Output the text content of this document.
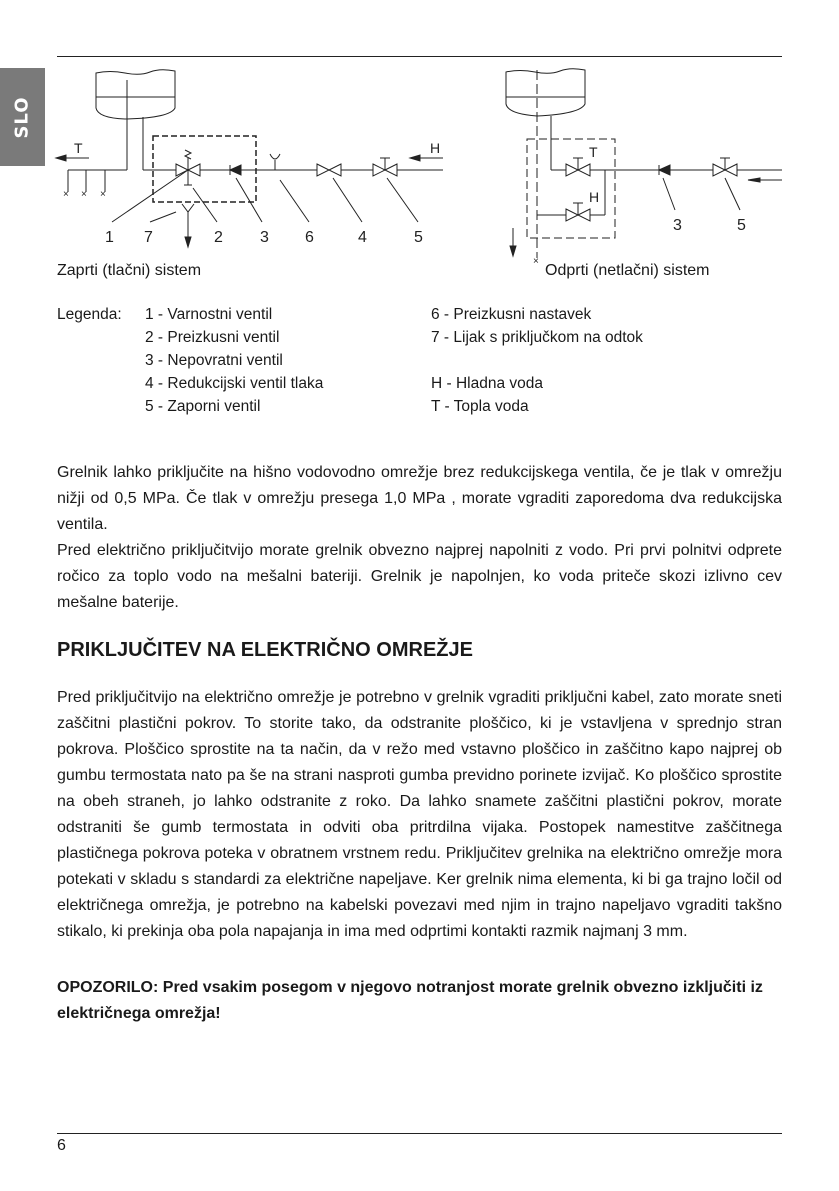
SLO
× × ×
T	H
1 7	2 3 6	4	5
T
H
×
3	5
Zaprti (tlačni) sistem	Odprti (netlačni) sistem
Legenda: 1 - Varnostni ventil
2 - Preizkusni ventil
3 - Nepovratni ventil
4 - Redukcijski ventil tlaka
5 - Zaporni ventil
6 - Preizkusni nastavek
7 - Lijak s priključkom na odtok
H - Hladna voda
T - Topla voda

Grelnik lahko priključite na hišno vodovodno omrežje brez redukcijskega ventila, če je tlak v omrežju nižji od 0,5 MPa. Če tlak v omrežju presega 1,0 MPa , morate vgraditi zaporedoma dva redukcijska ventila.

Pred električno priključitvijo morate grelnik obvezno najprej napolniti z vodo. Pri prvi polnitvi odprete ročico za toplo vodo na mešalni bateriji. Grelnik je napolnjen, ko voda priteče skozi izlivno cev mešalne baterije.

PRIKLJUČITEV NA ELEKTRIČNO OMREŽJE

Pred priključitvijo na električno omrežje je potrebno v grelnik vgraditi priključni kabel, zato morate sneti zaščitni plastični pokrov. To storite tako, da odstranite ploščico, ki je vstavljena v sprednjo stran pokrova. Ploščico sprostite na ta način, da v režo med vstavno ploščico in zaščitno kapo najprej ob gumbu termostata nato pa še na strani nasproti gumba previdno porinete izvijač. Ko ploščico sprostite na obeh straneh, jo lahko odstranite z roko. Da lahko snamete zaščitni plastični pokrov, morate odstraniti še gumb termostata in odviti oba pritrdilna vijaka. Postopek namestitve zaščitnega plastičnega pokrova poteka v obratnem vrstnem redu. Priključitev grelnika na električno omrežje mora potekati v skladu s standardi za električne napeljave. Ker grelnik nima elementa, ki bi ga trajno ločil od električnega omrežja, je potrebno na kabelski povezavi med njim in trajno napeljavo vgraditi takšno stikalo, ki prekinja oba pola napajanja in ima med odprtimi kontakti razmik najmanj 3 mm.

OPOZORILO: Pred vsakim posegom v njegovo notranjost morate grelnik obvezno izključiti iz električnega omrežja!
6
